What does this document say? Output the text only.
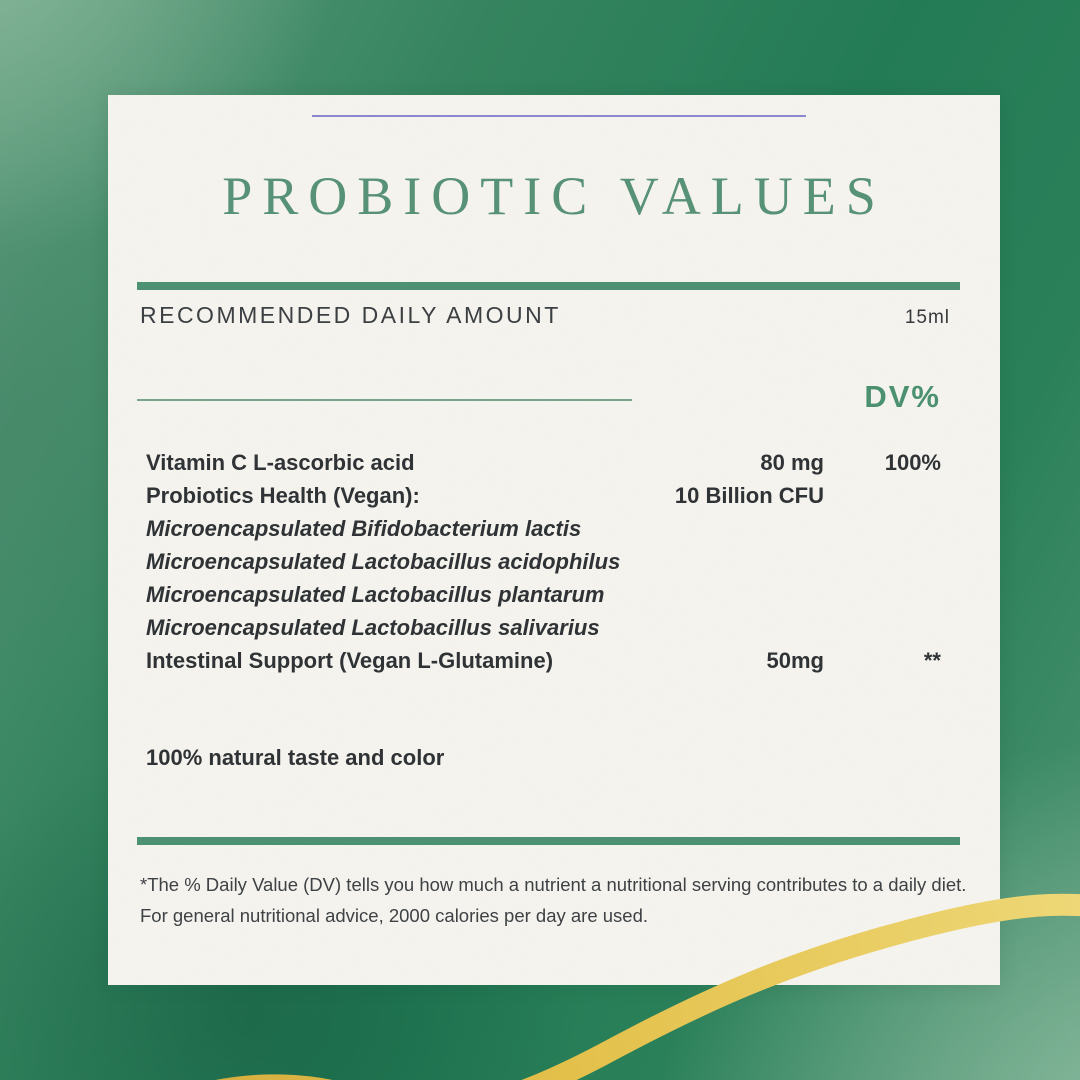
PROBIOTIC VALUES
RECOMMENDED DAILY AMOUNT	15ml
DV%
Vitamin C L-ascorbic acid	80 mg	100%
Probiotics Health (Vegan):	10 Billion CFU
Microencapsulated Bifidobacterium lactis
Microencapsulated Lactobacillus acidophilus
Microencapsulated Lactobacillus plantarum
Microencapsulated Lactobacillus salivarius
Intestinal Support (Vegan L-Glutamine)	50mg	**
100% natural taste and color

*The % Daily Value (DV) tells you how much a nutrient a nutritional serving contributes to a daily diet. For general nutritional advice, 2000 calories per day are used.
